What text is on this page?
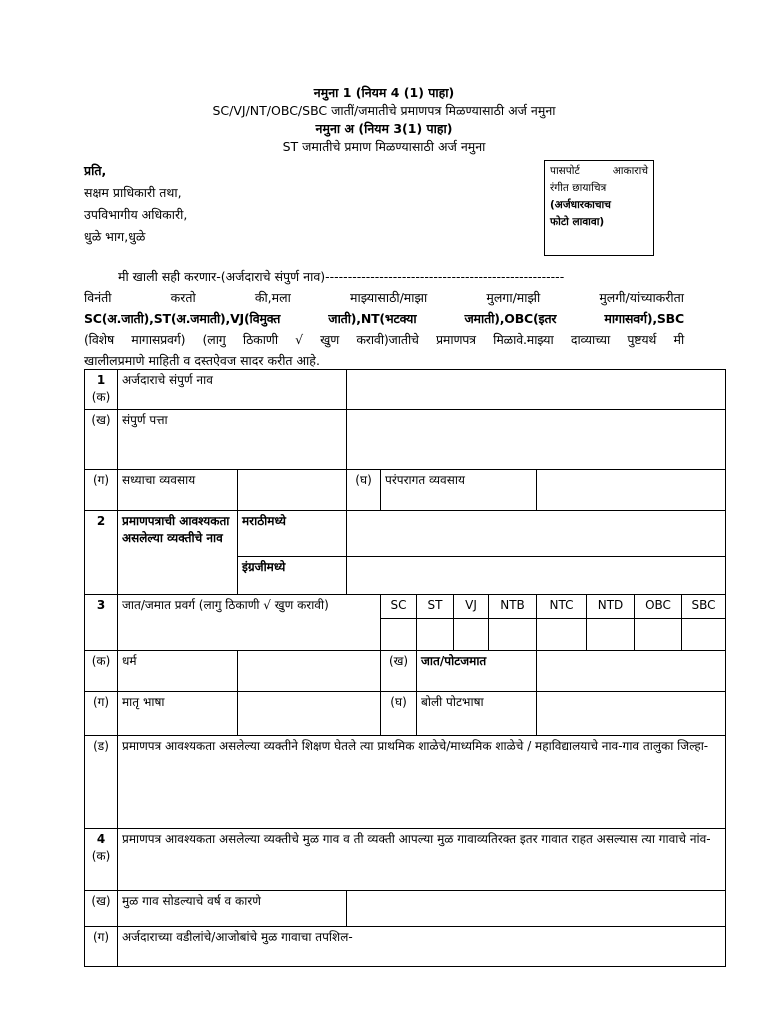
नमुना 1 (नियम 4 (1) पाहा)
SC/VJ/NT/OBC/SBC जातीं/जमातीचे प्रमाणपत्र मिळण्यासाठी अर्ज नमुना
नमुना अ (नियम 3(1) पाहा)
ST जमातीचे प्रमाण मिळण्यासाठी अर्ज नमुना
प्रति,
सक्षम प्राधिकारी तथा,
उपविभागीय अधिकारी,
धुळे भाग,धुळे
पासपोर्ट आकाराचे
रंगीत छायाचित्र
(अर्जधारकाचाच
फोटो लावावा)
मी खाली सही करणार-(अर्जदाराचे संपुर्ण नाव)-----------------------------------------------------
विनंती करतो की,मला माझ्यासाठी/माझा मुलगा/माझी मुलगी/यांच्याकरीता
SC(अ.जाती),ST(अ.जमाती),VJ(विमुक्त जाती),NT(भटक्या जमाती),OBC(इतर मागासवर्ग),SBC
(विशेष मागासप्रवर्ग) (लागु ठिकाणी √ खुण करावी)जातीचे प्रमाणपत्र मिळावे.माझ्या दाव्याच्या पुष्टयर्थ मी
खालीलप्रमाणे माहिती व दस्तऐवज सादर करीत आहे.
1
(क)	अर्जदाराचे संपुर्ण नाव										
(ख)	संपुर्ण पत्ता										
(ग)	सध्याचा व्यवसाय		(घ)	परंपरागत व्यवसाय							
2	प्रमाणपत्राची आवश्यकता असलेल्या व्यक्तीचे नाव	मराठीमध्ये									
		इंग्रजीमध्ये									
3	जात/जमात प्रवर्ग (लागु ठिकाणी √ खुण करावी)			SC	ST	VJ	NTB	NTC	NTD	OBC	SBC

(क)	धर्म			(ख)	जात/पोटजमात						
(ग)	मातृ भाषा			(घ)	बोली पोटभाषा						
(ड)	प्रमाणपत्र आवश्यकता असलेल्या व्यक्तीने शिक्षण घेतले त्या प्राथमिक शाळेचे/माध्यमिक शाळेचे / महाविद्यालयाचे नाव-गाव तालुका जिल्हा-										

4
(क)	प्रमाणपत्र आवश्यकता असलेल्या व्यक्तीचे मुळ गाव व ती व्यक्ती आपल्या मुळ गावाव्यतिरक्त इतर गावात राहत असल्यास त्या गावाचे नांव-										
(ख)	मुळ गाव सोडल्याचे वर्ष व कारणे										
(ग)	अर्जदाराच्या वडीलांचे/आजोबांचे मुळ गावाचा तपशिल-										
